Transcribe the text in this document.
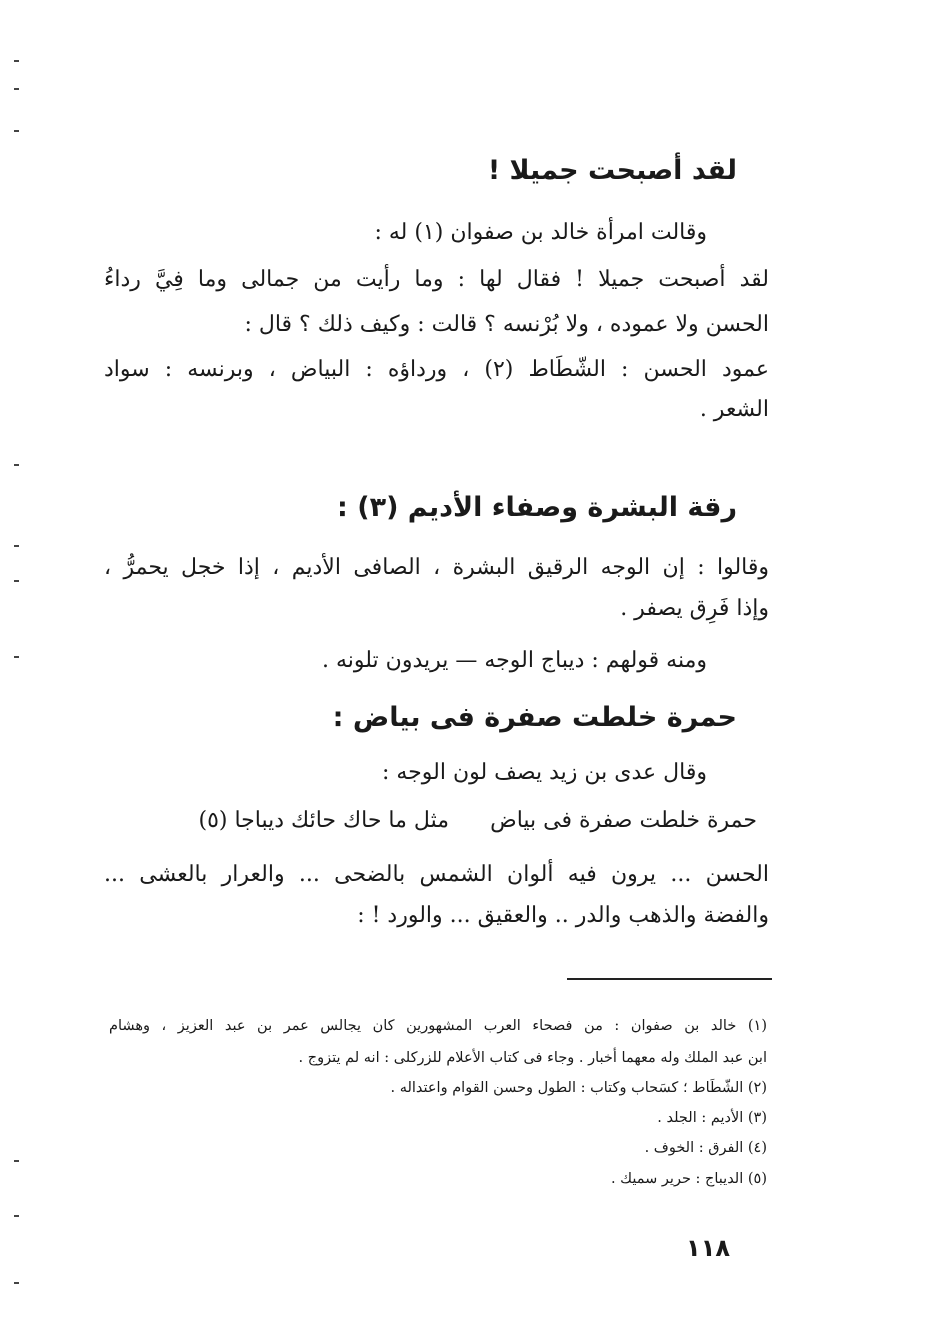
لقد أصبحت جميلا !
وقالت امرأة خالد بن صفوان (١) له :
لقد أصبحت جميلا ! فقال لها : وما رأيت من جمالى وما فِيَّ رداءُ
الحسن ولا عموده ، ولا بُرْنسه ؟ قالت : وكيف ذلك ؟ قال :
عمود الحسن : الشّطَاط (٢) ، ورداؤه : البياض ، وبرنسه : سواد
الشعر .
رقة البشرة وصفاء الأديم (٣) :
وقالوا : إن الوجه الرقيق البشرة ، الصافى الأديم ، إذا خجل يحمرُّ ،
وإذا فَرِق يصفر .
ومنه قولهم : ديباج الوجه — يريدون تلونه .
حمرة خلطت صفرة فى بياض :
وقال عدى بن زيد يصف لون الوجه :
حمرة خلطت صفرة فى بياض
مثل ما حاك حائك ديباجا (٥)
الحسن ... يرون فيه ألوان الشمس بالضحى ... والعرار بالعشى ...
والفضة والذهب والدر .. والعقيق ... والورد ! :
(١) خالد بن صفوان : من فصحاء العرب المشهورين كان يجالس عمر بن عبد العزيز ، وهشام
ابن عبد الملك وله معهما أخبار . وجاء فى كتاب الأعلام للزركلى : انه لم يتزوج .
(٢) الشّطَاط ؛ كسَحاب وكتاب : الطول وحسن القوام واعتداله .
(٣) الأديم : الجلد .
(٤) الفرق : الخوف .
(٥) الديباج : حرير سميك .
١١٨
